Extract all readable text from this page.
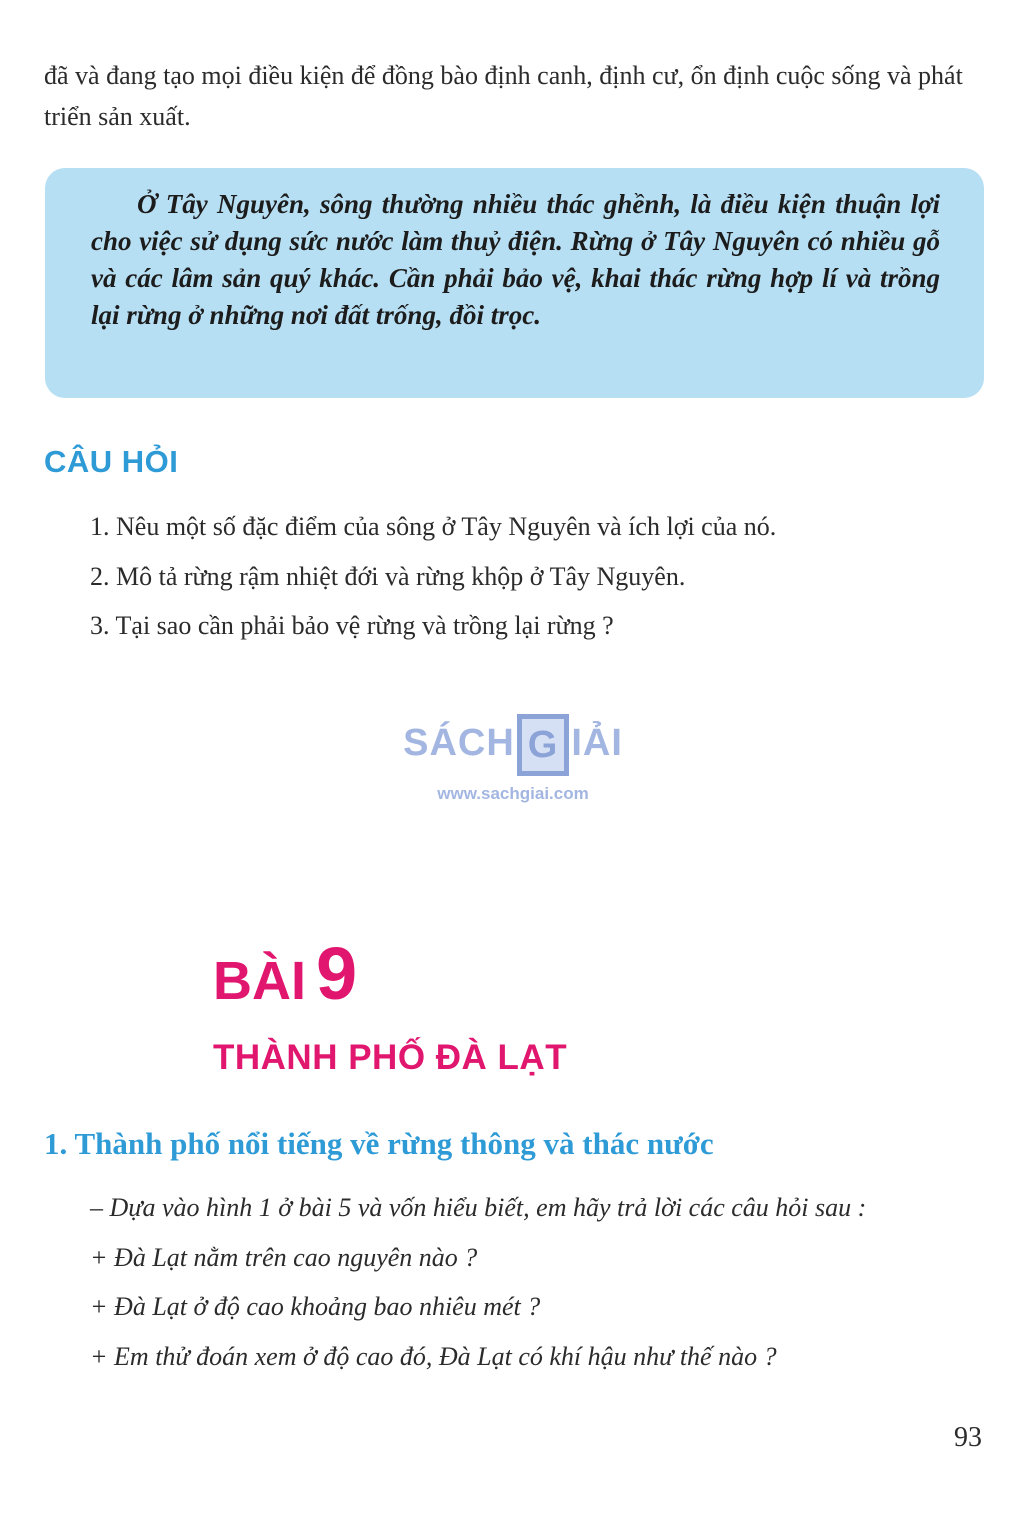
đã và đang tạo mọi điều kiện để đồng bào định canh, định cư, ổn định cuộc sống và phát triển sản xuất.

Ở Tây Nguyên, sông thường nhiều thác ghềnh, là điều kiện thuận lợi cho việc sử dụng sức nước làm thuỷ điện. Rừng ở Tây Nguyên có nhiều gỗ và các lâm sản quý khác. Cần phải bảo vệ, khai thác rừng hợp lí và trồng lại rừng ở những nơi đất trống, đồi trọc.

CÂU HỎI
1. Nêu một số đặc điểm của sông ở Tây Nguyên và ích lợi của nó.
2. Mô tả rừng rậm nhiệt đới và rừng khộp ở Tây Nguyên.
3. Tại sao cần phải bảo vệ rừng và trồng lại rừng ?
SÁCH G IẢI
www.sachgiai.com
BÀI 9
THÀNH PHỐ ĐÀ LẠT
1. Thành phố nổi tiếng về rừng thông và thác nước
– Dựa vào hình 1 ở bài 5 và vốn hiểu biết, em hãy trả lời các câu hỏi sau :
+ Đà Lạt nằm trên cao nguyên nào ?
+ Đà Lạt ở độ cao khoảng bao nhiêu mét ?
+ Em thử đoán xem ở độ cao đó, Đà Lạt có khí hậu như thế nào ?
93
